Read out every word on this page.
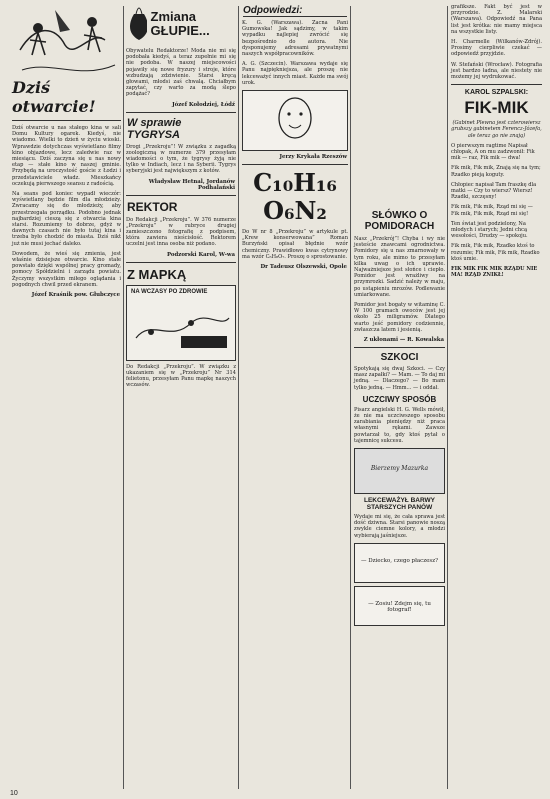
Dziś otwarcie!

Dziś otwarcie u nas stałego kina w sali Domu Kultury ogarek. Kiedyś, nie wiadomo. Wielki to dzień w życiu wioski. Wprawdzie dotychczas wyświetlano filmy kino objazdowe, lecz zaledwie raz w miesiącu. Dziś zaczyna się u nas nowy etap — stałe kino w naszej gminie. Przybędą na uroczystość goście z Łodzi i przedstawiciele władz. Mieszkańcy oczekują pierwszego seansu z radością.

Na seans pod koniec wypadł wieczór: wyświetlany będzie film dla młodzieży. Zwracamy się do młodzieży, aby przestrzegała porządku. Podobno jednak najbardziej cieszą się z otwarcia kina starsi. Rozumiemy to dobrze, gdyż w dawnych czasach nie było tutaj kina i trzeba było chodzić do miasta. Dziś nikt już nie musi jechać daleko.

Dowodem, że wieś się zmienia, jest właśnie dzisiejsze otwarcie. Kino stałe powstało dzięki wspólnej pracy gromady, pomocy Spółdzielni i zarządu powiatu. Życzymy wszystkim miłego oglądania i pogodnych chwil przed ekranem.

Józef Kraśnik pow. Głubczyce
Zmiana GŁUPIE...

Obywatelu Redaktorze! Moda nie mi się podobała kiedyś, a teraz zupełnie mi się nie podoba. W naszej miejscowości pojawiły się nowe fryzury i stroje, które wzbudzają zdziwienie. Starsi kręcą głowami, młodsi zaś chwalą. Chciałbym zapytać, czy warto za modą ślepo podążać?

Józef Kołodziej, Łódź
W sprawie TYGRYSA

Drogi „Przekroju”! W związku z zagadką zoologiczną w numerze 379 przesyłam wiadomości o tym, że tygrysy żyją nie tylko w Indiach, lecz i na Syberii. Tygrys syberyjski jest największym z kotów.

Władysław Hetnal, Jordanów Podhalański
REKTOR

Do Redakcji „Przekroju”. W 376 numerze „Przekroju” w rubryce drugiej zamieszczono fotografię z podpisem, która zawiera nieścisłość. Rektorem uczelni jest inna osoba niż podano.

Podzorski Karol, W-wa
Z MAPKĄ
NA WCZASY PO ZDROWIE

Do Redakcji „Przekroju”. W związku z ukazaniem się w „Przekroju” Nr 314 felietonu, przesyłam Panu mapkę naszych wczasów.

Odpowiedzi:

K. G. (Warszawa). Zacna Pani Gumowska! Jak sądzimy, w takim wypadku najlepiej zwrócić się bezpośrednio do autora. Nie dysponujemy adresami prywatnymi naszych współpracowników.

A. G. (Szczecin). Warszawa wydaje się Panu najpiękniejsza, ale proszę nie lekceważyć innych miast. Każde ma swój urok.

Jerzy Krykała Rzeszów
C₁₀H₁₆O₆N₂

Do W nr 8 „Przekroju” w artykule pt. „Krew konserwowana” Roman Burzyński opisał błędnie wzór chemiczny. Prawidłowo kwas cytrynowy ma wzór C₆H₈O₇. Proszę o sprostowanie.

Dr Tadeusz Olszewski, Opole
SŁÓWKO O POMIDORACH

Nasz „Przekrój”! Chyba i wy nie jesteście znawcami ogrodnictwa. Pomidory się u nas zmarnowały w tym roku, ale mimo to przesyłam kilka uwag o ich uprawie. Najważniejsze jest słońce i ciepło. Pomidor jest wrażliwy na przymrozki. Sadzić należy w maju, po ustąpieniu mrozów. Podlewanie umiarkowane.

Pomidor jest bogaty w witaminę C. W 100 gramach owoców jest jej około 25 miligramów. Dlatego warto jeść pomidory codziennie, zwłaszcza latem i jesienią.

Z ukłonami — R. Kowalska
SZKOCI

Spotykają się dwaj Szkoci. — Czy masz zapałki? — Mam. — To daj mi jedną. — Dlaczego? — Bo mam tylko jedną. — Hmm... — i oddał.

UCZCIWY SPOSÓB

Pisarz angielski H. G. Wells mówił, że nie ma uczciwszego sposobu zarabiania pieniędzy niż praca własnymi rękami. Zawsze powtarzał to, gdy ktoś pytał o tajemnicę sukcesu.

Bierzemy Mazurka
LEKCEWAŻYŁ BARWY STARSZYCH PANÓW

Wydaje mi się, że cała sprawa jest dość dziwna. Starsi panowie noszą zwykle ciemne kolory, a młodzi wybierają jaśniejsze.

— Dziecko, czego płaczesz?
— Zosiu! Zdejm się, tu fotograf!

grafiksze. Fakt być jest w przyrodzie. Z. Malarski (Warszawa). Odpowiedź na Pana list jest krótka: nie mamy miejsca na wszystkie listy.

H. Charmelle (Wilkanów-Zdrój). Prosimy cierpliwie czekać — odpowiedź przyjdzie.

W. Stefański (Wrocław). Fotografia jest bardzo ładna, ale niestety nie możemy jej wydrukować.

KAROL SZPALSKI:
FIK-MIK

(Gabinet Plewna jest czterowiersz grubszy gabinetem Ferencz-Józefa, ale teraz go nie znają)

O pierwszym ragtime Napisał chłopak, A on mu zadzwonił: Fik mik — raz, Fik mik — dwa!

Fik mik, Fik mik, Znają się na tym; Rzadko pieją koguty.

Chłopiec napisał Tam fraszkę dla matki — Czy to wiersz? Wiersz! Rzadki, szczęsny!

Fik mik, Fik mik, Rząd mi się — Fik mik, Fik mik, Rząd mi się!

Ten świat jest podzielony, Na młodych i starych; Jedni chcą wesołości, Drudzy — spokoju.

Fik mik, Fik mik, Rzadko ktoś to rozumie; Fik mik, Fik mik, Rzadko ktoś umie.

FIK MIK FIK MIK RZĄDU NIE MA! RZĄD ZNIKŁ!

10
